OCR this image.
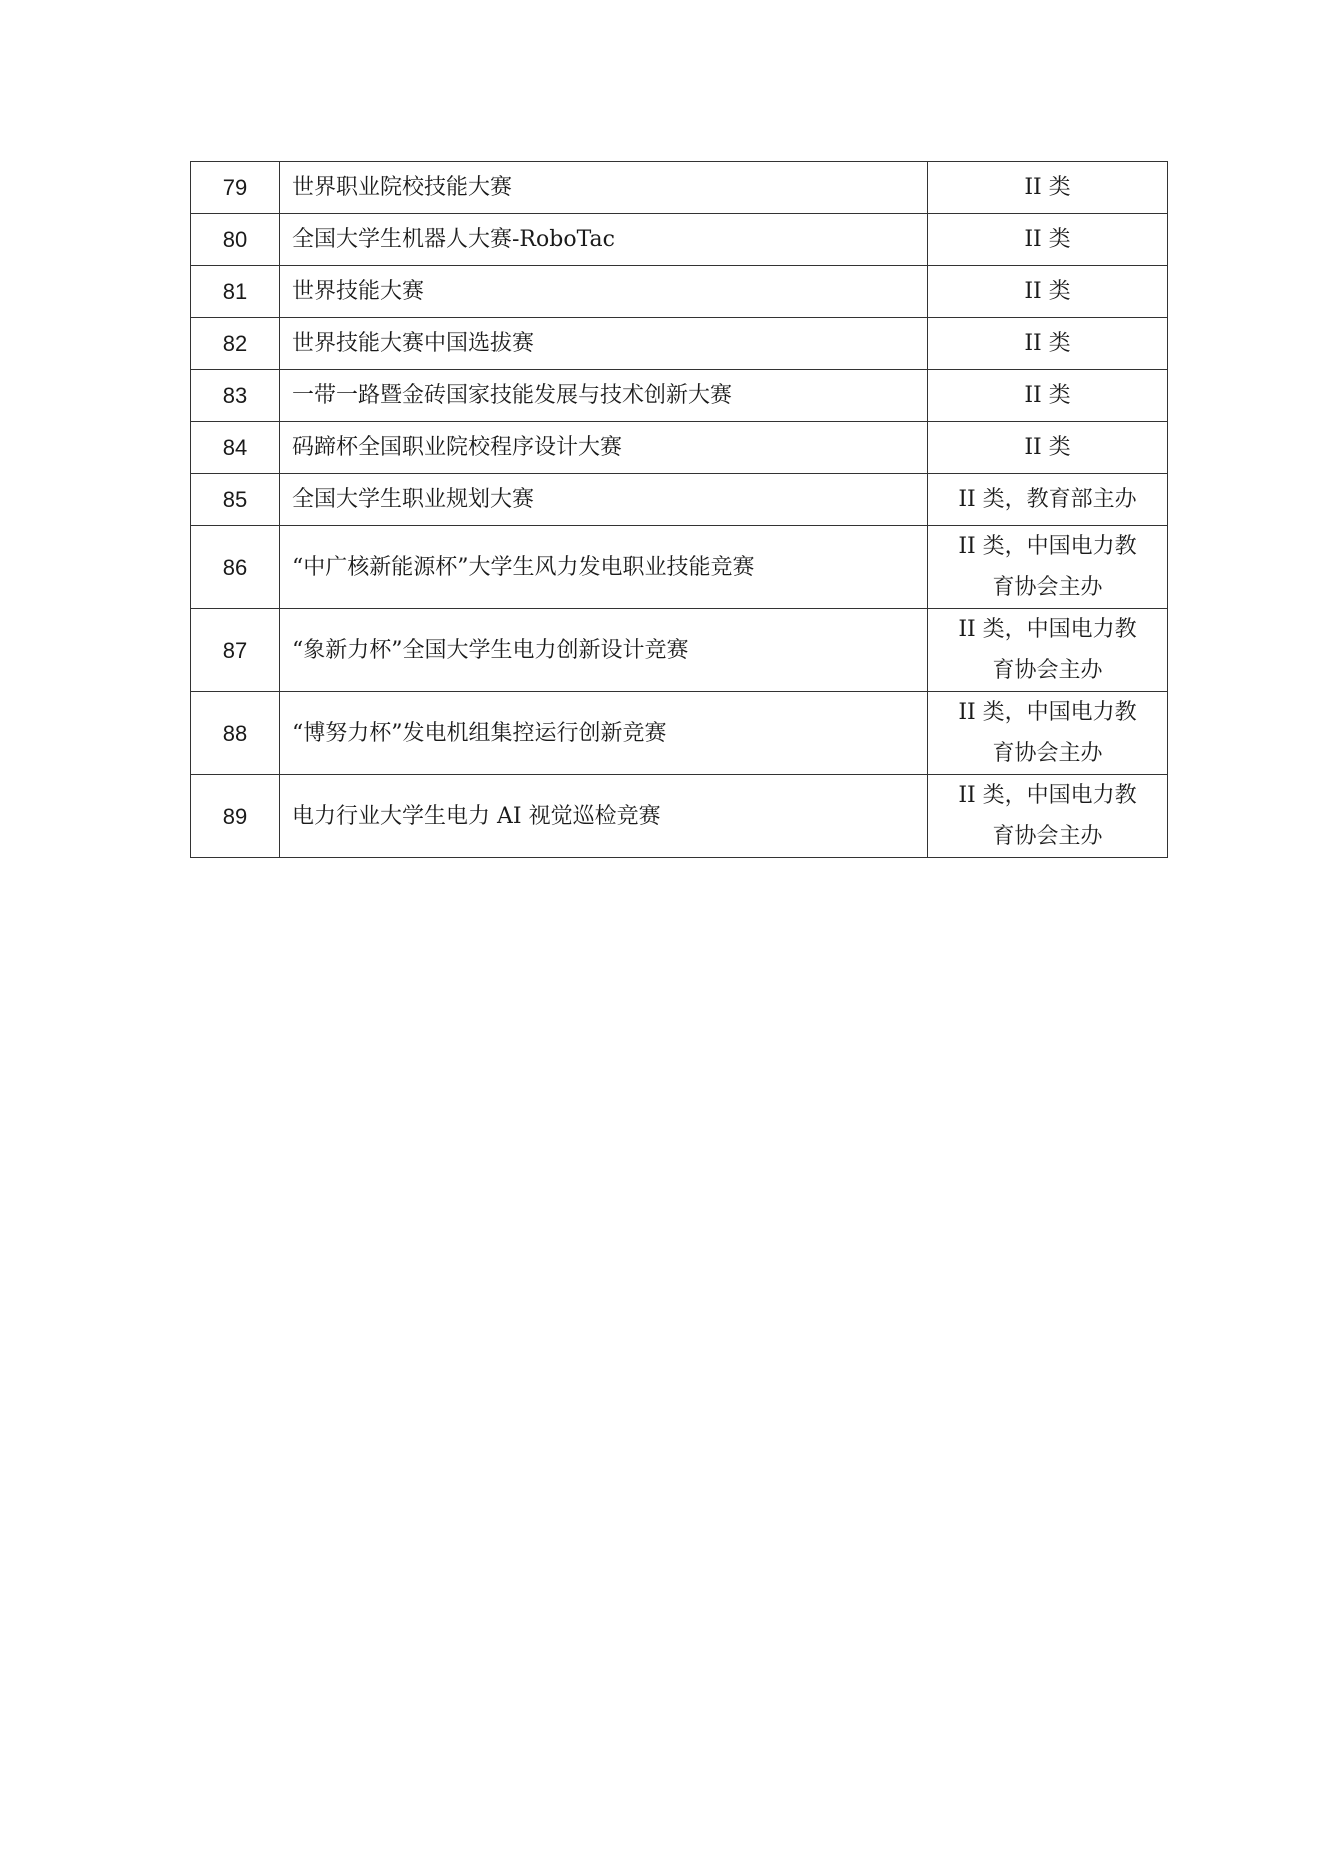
79	世界职业院校技能大赛	II 类

80	全国大学生机器人大赛-RoboTac	II 类

81	世界技能大赛	II 类

82	世界技能大赛中国选拔赛	II 类

83	一带一路暨金砖国家技能发展与技术创新大赛	II 类

84	码蹄杯全国职业院校程序设计大赛	II 类

85	全国大学生职业规划大赛	II 类，教育部主办

86	“中广核新能源杯”大学生风力发电职业技能竞赛	II 类，中国电力教
育协会主办

87	“象新力杯”全国大学生电力创新设计竞赛	II 类，中国电力教
育协会主办

88	“博努力杯”发电机组集控运行创新竞赛	II 类，中国电力教
育协会主办

89	电力行业大学生电力 AI 视觉巡检竞赛	II 类，中国电力教
育协会主办
